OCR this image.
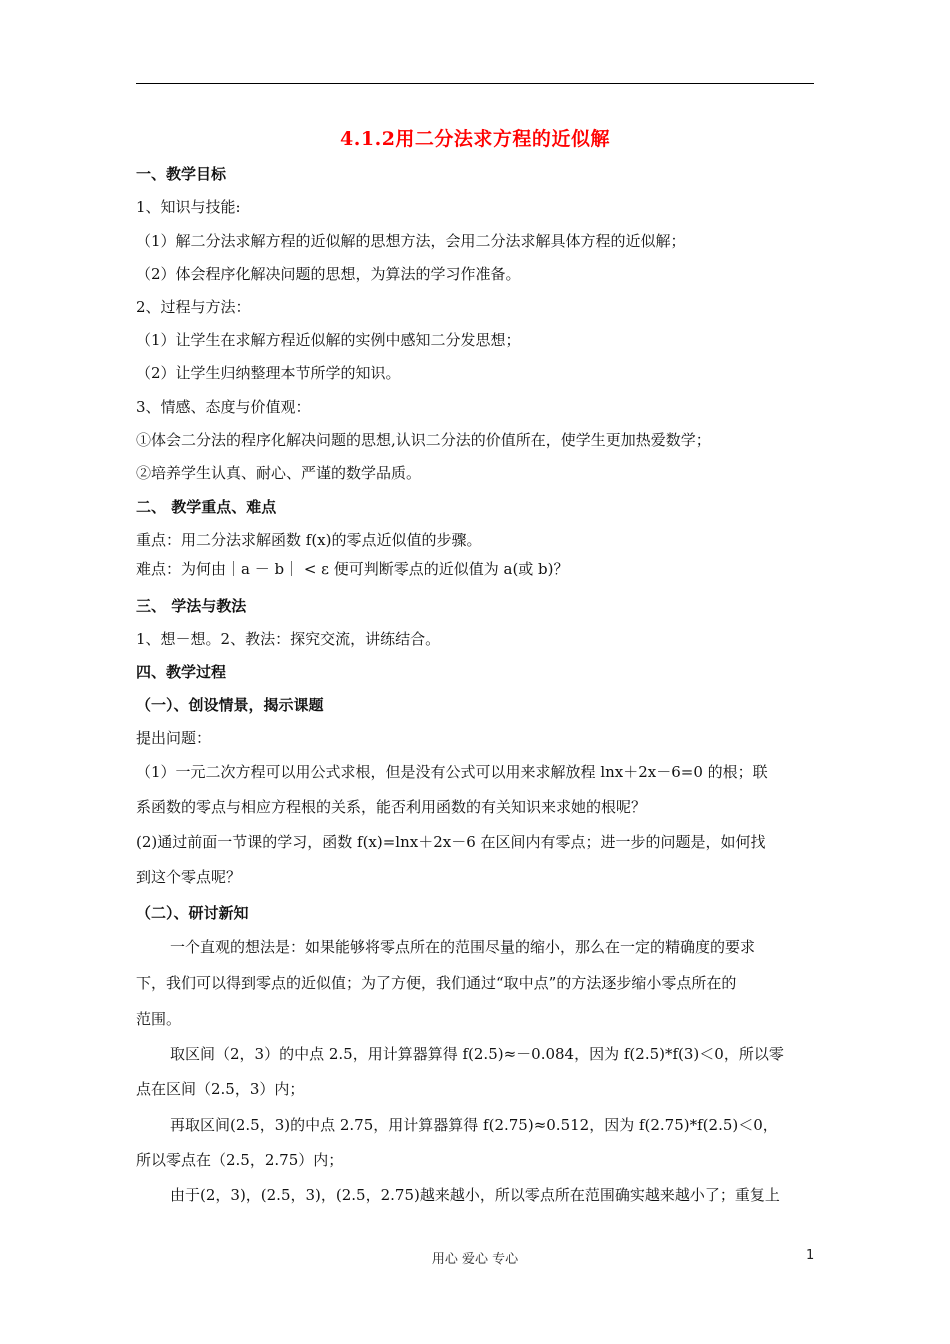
4.1.2用二分法求方程的近似解
一、教学目标
1、知识与技能:
（1）解二分法求解方程的近似解的思想方法，会用二分法求解具体方程的近似解；
（2）体会程序化解决问题的思想，为算法的学习作准备。
2、过程与方法：
（1）让学生在求解方程近似解的实例中感知二分发思想；
（2）让学生归纳整理本节所学的知识。
3、情感、态度与价值观：
①体会二分法的程序化解决问题的思想,认识二分法的价值所在，使学生更加热爱数学；
②培养学生认真、耐心、严谨的数学品质。
二、 教学重点、难点
重点：用二分法求解函数 f(x)的零点近似值的步骤。
难点：为何由｜a － b｜ < ε 便可判断零点的近似值为 a(或 b)？
三、 学法与教法
1、想－想。2、教法：探究交流，讲练结合。
四、教学过程
（一）、创设情景，揭示课题
提出问题：
（1）一元二次方程可以用公式求根，但是没有公式可以用来求解放程 lnx＋2x－6=0 的根；联
系函数的零点与相应方程根的关系，能否利用函数的有关知识来求她的根呢？
(2)通过前面一节课的学习，函数 f(x)=lnx＋2x－6 在区间内有零点；进一步的问题是，如何找
到这个零点呢？
（二）、研讨新知
一个直观的想法是：如果能够将零点所在的范围尽量的缩小，那么在一定的精确度的要求
下，我们可以得到零点的近似值；为了方便，我们通过“取中点”的方法逐步缩小零点所在的
范围。
取区间（2，3）的中点 2.5，用计算器算得 f(2.5)≈－0.084，因为 f(2.5)*f(3)＜0，所以零
点在区间（2.5，3）内；
再取区间(2.5，3)的中点 2.75，用计算器算得 f(2.75)≈0.512，因为 f(2.75)*f(2.5)＜0，
所以零点在（2.5，2.75）内；
由于(2，3)，(2.5，3)，(2.5，2.75)越来越小，所以零点所在范围确实越来越小了；重复上
用心 爱心 专心	1
